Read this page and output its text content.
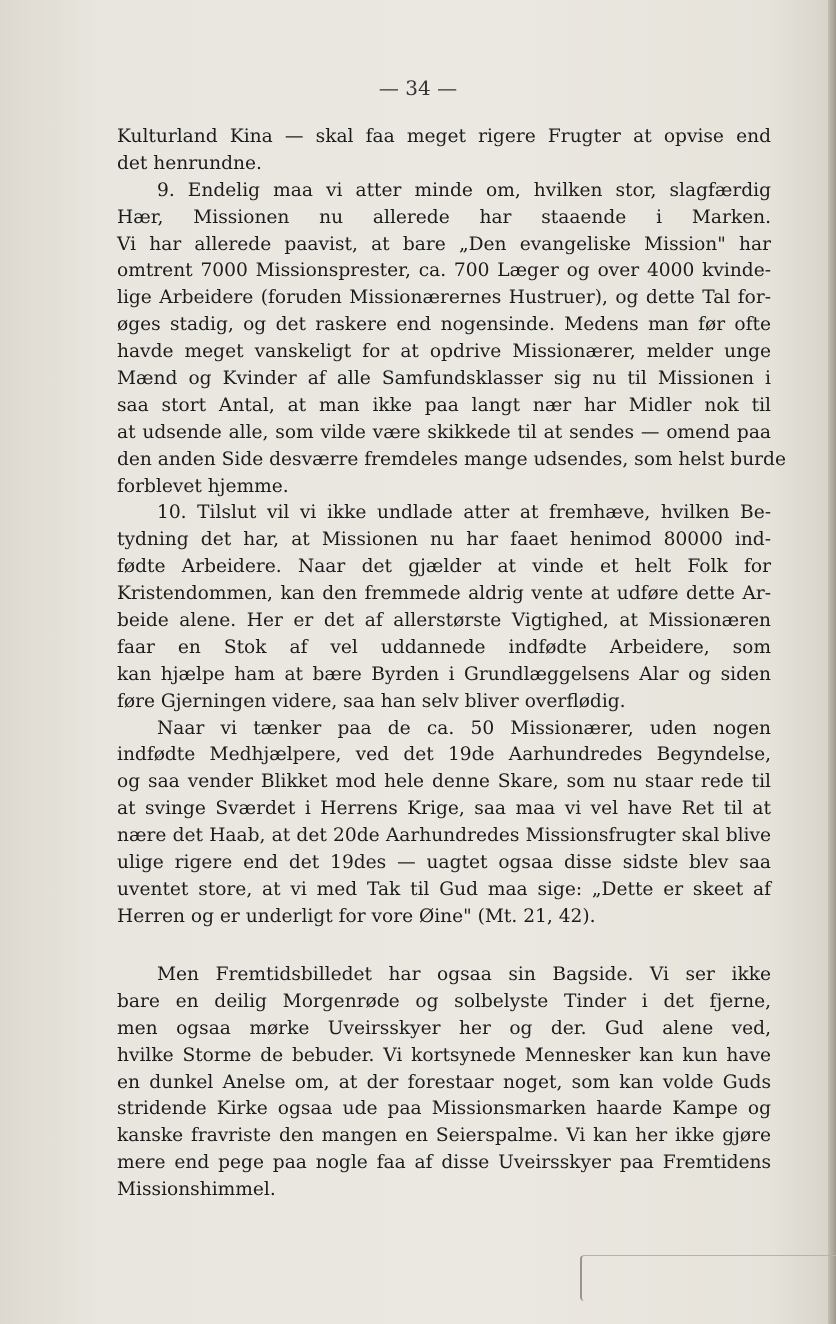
— 34 —
Kulturland Kina — skal faa meget rigere Frugter at opvise end
det henrundne.
9. Endelig maa vi atter minde om, hvilken stor, slagfærdig
Hær, Missionen nu allerede har staaende i Marken.
Vi har allerede paavist, at bare „Den evangeliske Mission" har
omtrent 7000 Missionsprester, ca. 700 Læger og over 4000 kvinde-
lige Arbeidere (foruden Missionærernes Hustruer), og dette Tal for-
øges stadig, og det raskere end nogensinde. Medens man før ofte
havde meget vanskeligt for at opdrive Missionærer, melder unge
Mænd og Kvinder af alle Samfundsklasser sig nu til Missionen i
saa stort Antal, at man ikke paa langt nær har Midler nok til
at udsende alle, som vilde være skikkede til at sendes — omend paa
den anden Side desværre fremdeles mange udsendes, som helst burde
forblevet hjemme.
10. Tilslut vil vi ikke undlade atter at fremhæve, hvilken Be-
tydning det har, at Missionen nu har faaet henimod 80000 ind-
fødte Arbeidere. Naar det gjælder at vinde et helt Folk for
Kristendommen, kan den fremmede aldrig vente at udføre dette Ar-
beide alene. Her er det af allerstørste Vigtighed, at Missionæren
faar en Stok af vel uddannede indfødte Arbeidere, som
kan hjælpe ham at bære Byrden i Grundlæggelsens Alar og siden
føre Gjerningen videre, saa han selv bliver overflødig.
Naar vi tænker paa de ca. 50 Missionærer, uden nogen
indfødte Medhjælpere, ved det 19de Aarhundredes Begyndelse,
og saa vender Blikket mod hele denne Skare, som nu staar rede til
at svinge Sværdet i Herrens Krige, saa maa vi vel have Ret til at
nære det Haab, at det 20de Aarhundredes Missionsfrugter skal blive
ulige rigere end det 19des — uagtet ogsaa disse sidste blev saa
uventet store, at vi med Tak til Gud maa sige: „Dette er skeet af
Herren og er underligt for vore Øine" (Mt. 21, 42).
Men Fremtidsbilledet har ogsaa sin Bagside. Vi ser ikke
bare en deilig Morgenrøde og solbelyste Tinder i det fjerne,
men ogsaa mørke Uveirsskyer her og der. Gud alene ved,
hvilke Storme de bebuder. Vi kortsynede Mennesker kan kun have
en dunkel Anelse om, at der forestaar noget, som kan volde Guds
stridende Kirke ogsaa ude paa Missionsmarken haarde Kampe og
kanske fravriste den mangen en Seierspalme. Vi kan her ikke gjøre
mere end pege paa nogle faa af disse Uveirsskyer paa Fremtidens
Missionshimmel.
